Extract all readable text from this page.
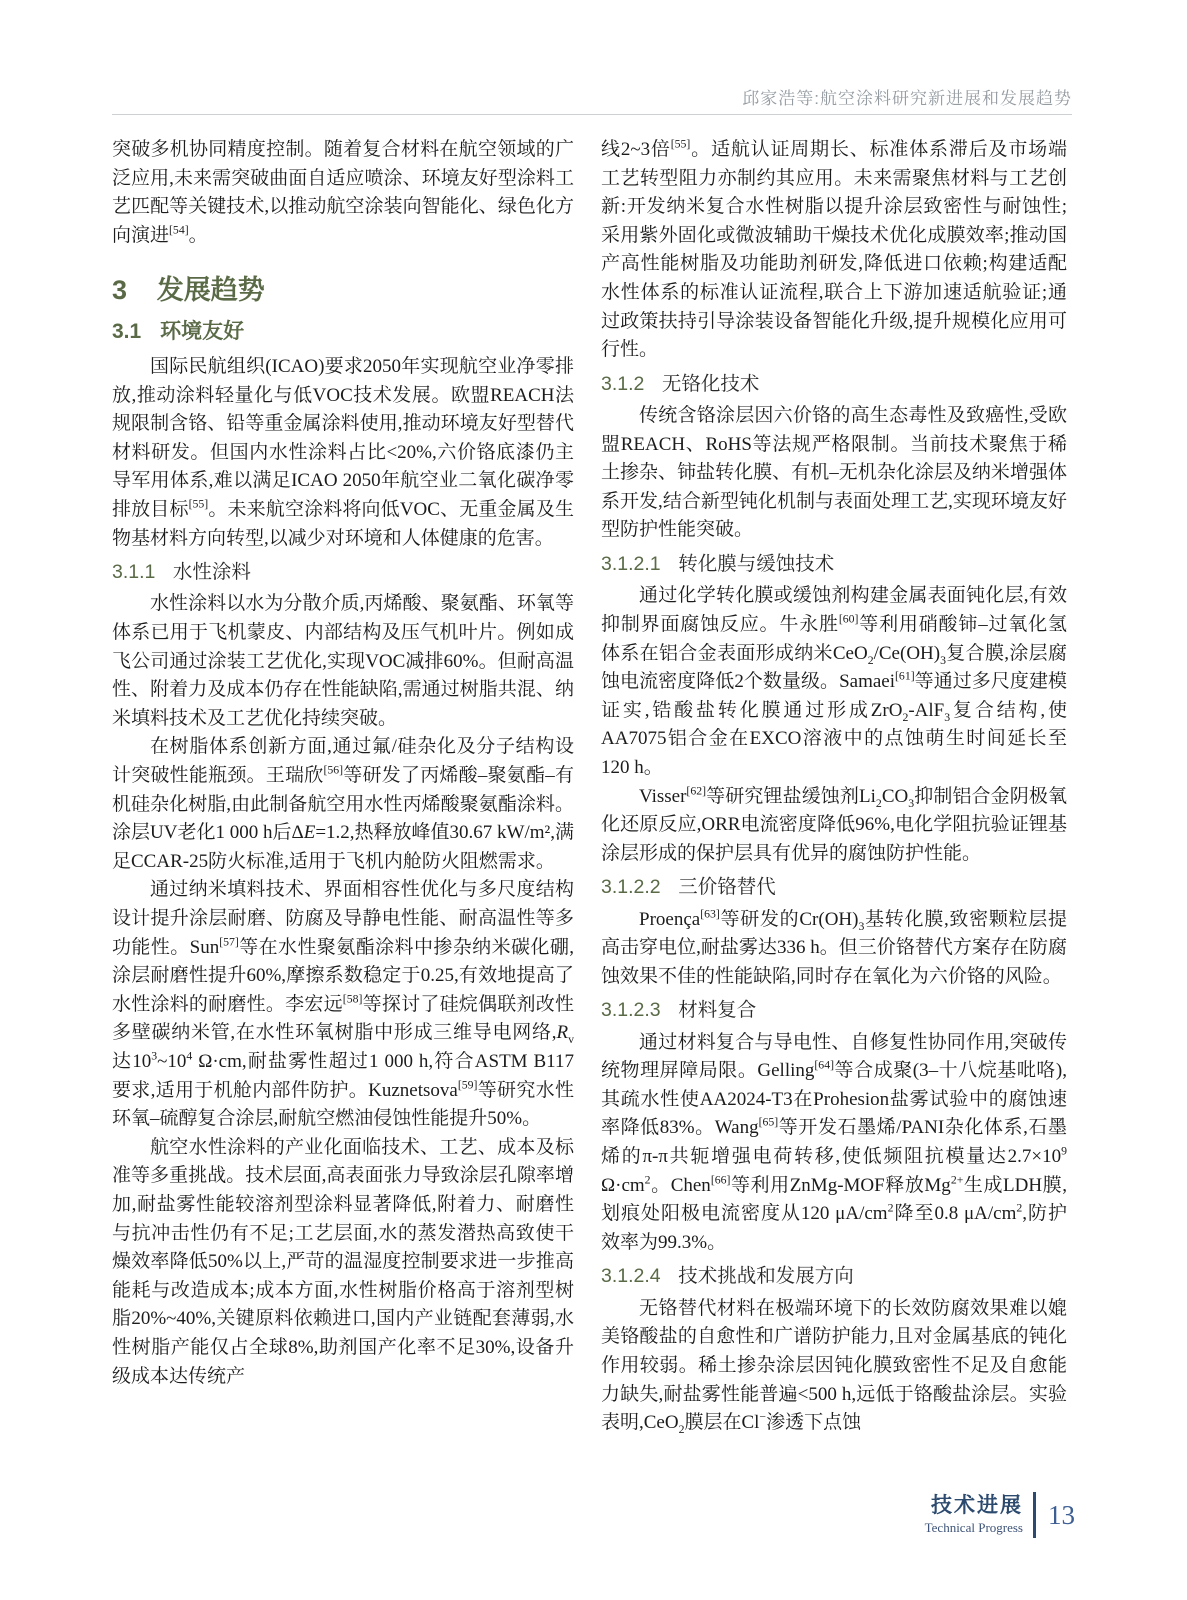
邱家浩等:航空涂料研究新进展和发展趋势

突破多机协同精度控制。随着复合材料在航空领域的广泛应用,未来需突破曲面自适应喷涂、环境友好型涂料工艺匹配等关键技术,以推动航空涂装向智能化、绿色化方向演进[54]。

3 发展趋势
3.1 环境友好

国际民航组织(ICAO)要求2050年实现航空业净零排放,推动涂料轻量化与低VOC技术发展。欧盟REACH法规限制含铬、铅等重金属涂料使用,推动环境友好型替代材料研发。但国内水性涂料占比<20%,六价铬底漆仍主导军用体系,难以满足ICAO 2050年航空业二氧化碳净零排放目标[55]。未来航空涂料将向低VOC、无重金属及生物基材料方向转型,以减少对环境和人体健康的危害。

3.1.1 水性涂料

水性涂料以水为分散介质,丙烯酸、聚氨酯、环氧等体系已用于飞机蒙皮、内部结构及压气机叶片。例如成飞公司通过涂装工艺优化,实现VOC减排60%。但耐高温性、附着力及成本仍存在性能缺陷,需通过树脂共混、纳米填料技术及工艺优化持续突破。

在树脂体系创新方面,通过氟/硅杂化及分子结构设计突破性能瓶颈。王瑞欣[56]等研发了丙烯酸–聚氨酯–有机硅杂化树脂,由此制备航空用水性丙烯酸聚氨酯涂料。涂层UV老化1 000 h后ΔE=1.2,热释放峰值30.67 kW/m²,满足CCAR-25防火标准,适用于飞机内舱防火阻燃需求。

通过纳米填料技术、界面相容性优化与多尺度结构设计提升涂层耐磨、防腐及导静电性能、耐高温性等多功能性。Sun[57]等在水性聚氨酯涂料中掺杂纳米碳化硼,涂层耐磨性提升60%,摩擦系数稳定于0.25,有效地提高了水性涂料的耐磨性。李宏远[58]等探讨了硅烷偶联剂改性多壁碳纳米管,在水性环氧树脂中形成三维导电网络$,R_v$达$10^3\sim 10^4$ Ω·cm,耐盐雾性超过1 000 h,符合ASTM B117要求,适用于机舱内部件防护。Kuznetsova[59]等研究水性环氧–硫醇复合涂层,耐航空燃油侵蚀性能提升50%。

航空水性涂料的产业化面临技术、工艺、成本及标准等多重挑战。技术层面,高表面张力导致涂层孔隙率增加,耐盐雾性能较溶剂型涂料显著降低,附着力、耐磨性与抗冲击性仍有不足;工艺层面,水的蒸发潜热高致使干燥效率降低50%以上,严苛的温湿度控制要求进一步推高能耗与改造成本;成本方面,水性树脂价格高于溶剂型树脂20%~40%,关键原料依赖进口,国内产业链配套薄弱,水性树脂产能仅占全球8%,助剂国产化率不足30%,设备升级成本达传统产

线2~3倍[55]。适航认证周期长、标准体系滞后及市场端工艺转型阻力亦制约其应用。未来需聚焦材料与工艺创新:开发纳米复合水性树脂以提升涂层致密性与耐蚀性;采用紫外固化或微波辅助干燥技术优化成膜效率;推动国产高性能树脂及功能助剂研发,降低进口依赖;构建适配水性体系的标准认证流程,联合上下游加速适航验证;通过政策扶持引导涂装设备智能化升级,提升规模化应用可行性。

3.1.2 无铬化技术

传统含铬涂层因六价铬的高生态毒性及致癌性,受欧盟REACH、RoHS等法规严格限制。当前技术聚焦于稀土掺杂、铈盐转化膜、有机–无机杂化涂层及纳米增强体系开发,结合新型钝化机制与表面处理工艺,实现环境友好型防护性能突破。

3.1.2.1 转化膜与缓蚀技术

通过化学转化膜或缓蚀剂构建金属表面钝化层,有效抑制界面腐蚀反应。牛永胜[60]等利用硝酸铈–过氧化氢体系在铝合金表面形成纳米$CeO_2/Ce(OH)_3$复合膜,涂层腐蚀电流密度降低2个数量级。Samaei[61]等通过多尺度建模证实,锆酸盐转化膜通过形成ZrO$_2$-AlF$_3$复合结构,使AA7075铝合金在EXCO溶液中的点蚀萌生时间延长至120 h。

Visser[62]等研究锂盐缓蚀剂$Li_2CO_3$抑制铝合金阴极氧化还原反应,ORR电流密度降低96%,电化学阻抗验证锂基涂层形成的保护层具有优异的腐蚀防护性能。

3.1.2.2 三价铬替代

Proença[63]等研发的$Cr(OH)_3$基转化膜,致密颗粒层提高击穿电位,耐盐雾达336 h。但三价铬替代方案存在防腐蚀效果不佳的性能缺陷,同时存在氧化为六价铬的风险。

3.1.2.3 材料复合

通过材料复合与导电性、自修复性协同作用,突破传统物理屏障局限。Gelling[64]等合成聚(3–十八烷基吡咯),其疏水性使AA2024-T3在Prohesion盐雾试验中的腐蚀速率降低83%。Wang[65]等开发石墨烯/PANI杂化体系,石墨烯的π-π共轭增强电荷转移,使低频阻抗模量达$2.7\times 10^9$ $\Omega\cdot cm^2$。Chen[66]等利用ZnMg-MOF释放$Mg^{2+}$生成LDH膜,划痕处阳极电流密度从120 $\mu A/cm^2$降至0.8 $\mu A/cm^2$,防护效率为99.3%。

3.1.2.4 技术挑战和发展方向

无铬替代材料在极端环境下的长效防腐效果难以媲美铬酸盐的自愈性和广谱防护能力,且对金属基底的钝化作用较弱。稀土掺杂涂层因钝化膜致密性不足及自愈能力缺失,耐盐雾性能普遍<500 h,远低于铬酸盐涂层。实验表明,CeO$_2$膜层在Cl−渗透下点蚀

技术进展
Technical Progress 13
